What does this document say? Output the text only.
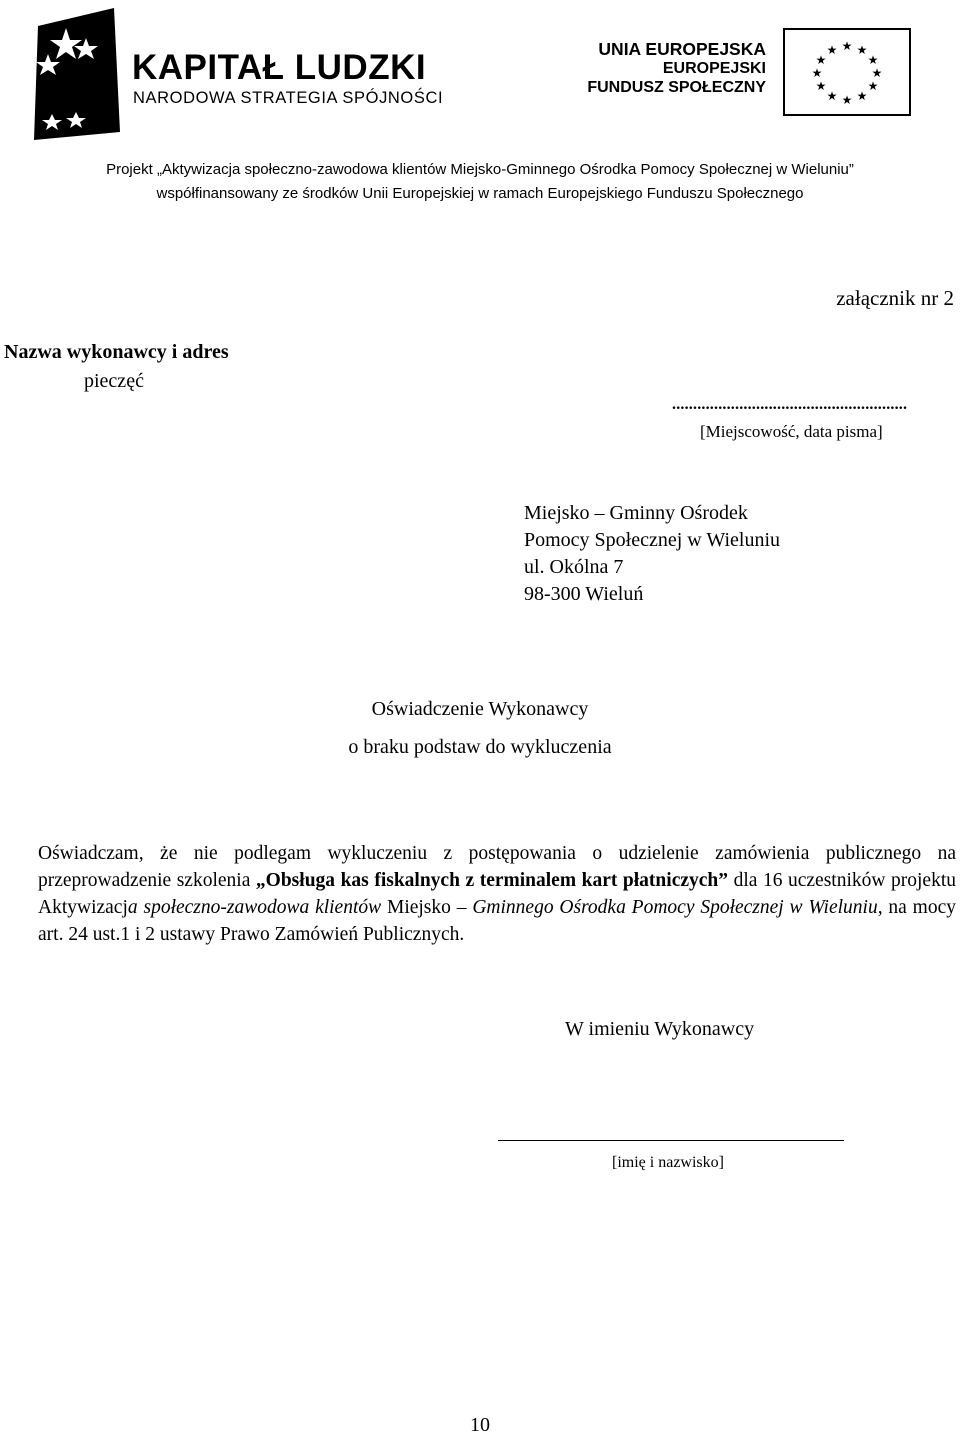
KAPITAŁ LUDZKI
NARODOWA STRATEGIA SPÓJNOŚCI
UNIA EUROPEJSKA
EUROPEJSKI
FUNDUSZ SPOŁECZNY
★ ★
★
★
★
★
★
★
★
★
★
★
Projekt „Aktywizacja społeczno-zawodowa klientów Miejsko-Gminnego Ośrodka Pomocy Społecznej w Wieluniu”
współfinansowany ze środków Unii Europejskiej w ramach Europejskiego Funduszu Społecznego
załącznik nr 2
Nazwa wykonawcy i adres
pieczęć
........................................................
[Miejscowość, data pisma]
Miejsko – Gminny Ośrodek
Pomocy Społecznej w Wieluniu
ul. Okólna 7
98-300 Wieluń
Oświadczenie Wykonawcy
o braku podstaw do wykluczenia
Oświadczam, że nie podlegam wykluczeniu z postępowania o udzielenie zamówienia publicznego na przeprowadzenie szkolenia „Obsługa kas fiskalnych z terminalem kart płatniczych” dla 16 uczestników projektu Aktywizacja społeczno-zawodowa klientów Miejsko – Gminnego Ośrodka Pomocy Społecznej w Wieluniu, na mocy art. 24 ust.1 i 2 ustawy Prawo Zamówień Publicznych.
W imieniu Wykonawcy
[imię i nazwisko]
10
